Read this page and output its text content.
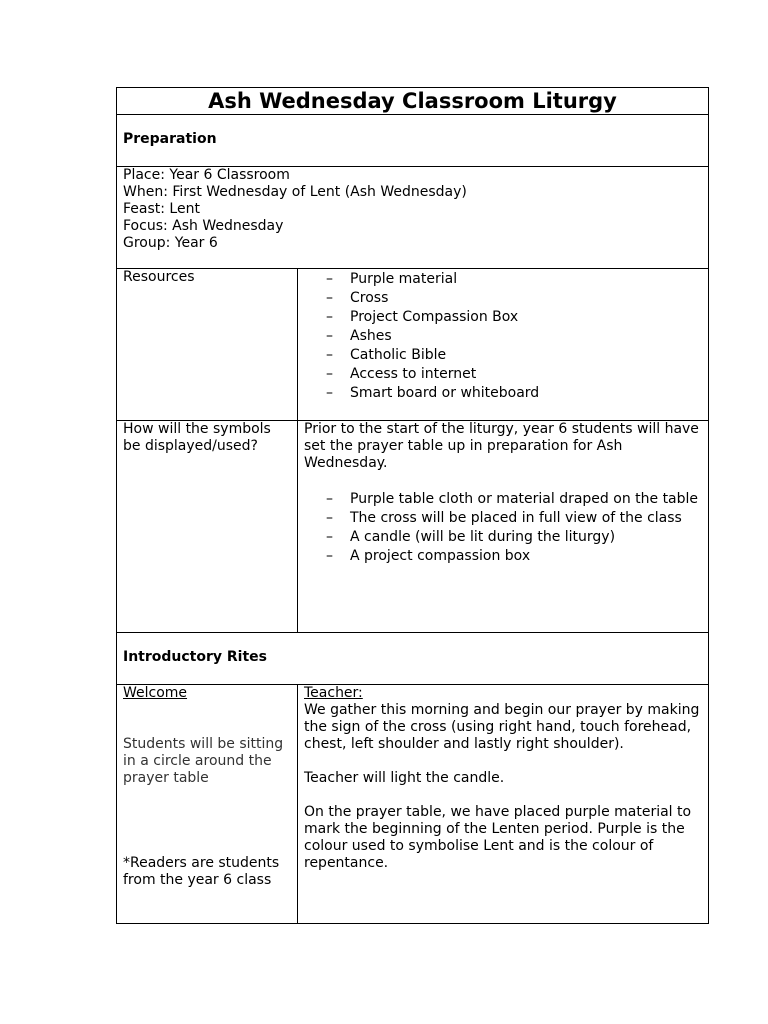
Ash Wednesday Classroom Liturgy
Preparation
Place: Year 6 Classroom
When: First Wednesday of Lent (Ash Wednesday)
Feast: Lent
Focus: Ash Wednesday
Group: Year 6
Resources
–	Purple material
– Cross
– Project Compassion Box
– Ashes
– Catholic Bible
– Access to internet
– Smart board or whiteboard
How will the symbols
be displayed/used?
Prior to the start of the liturgy, year 6 students will have set the prayer table up in preparation for Ash Wednesday.
– Purple table cloth or material draped on the table
– The cross will be placed in full view of the class
– A candle (will be lit during the liturgy)
– A project compassion box
Introductory Rites
Welcome
Students will be sitting in a circle around the prayer table
*Readers are students from the year 6 class
Teacher:
We gather this morning and begin our prayer by making the sign of the cross (using right hand, touch forehead, chest, left shoulder and lastly right shoulder).
Teacher will light the candle.
On the prayer table, we have placed purple material to mark the beginning of the Lenten period. Purple is the colour used to symbolise Lent and is the colour of repentance.
